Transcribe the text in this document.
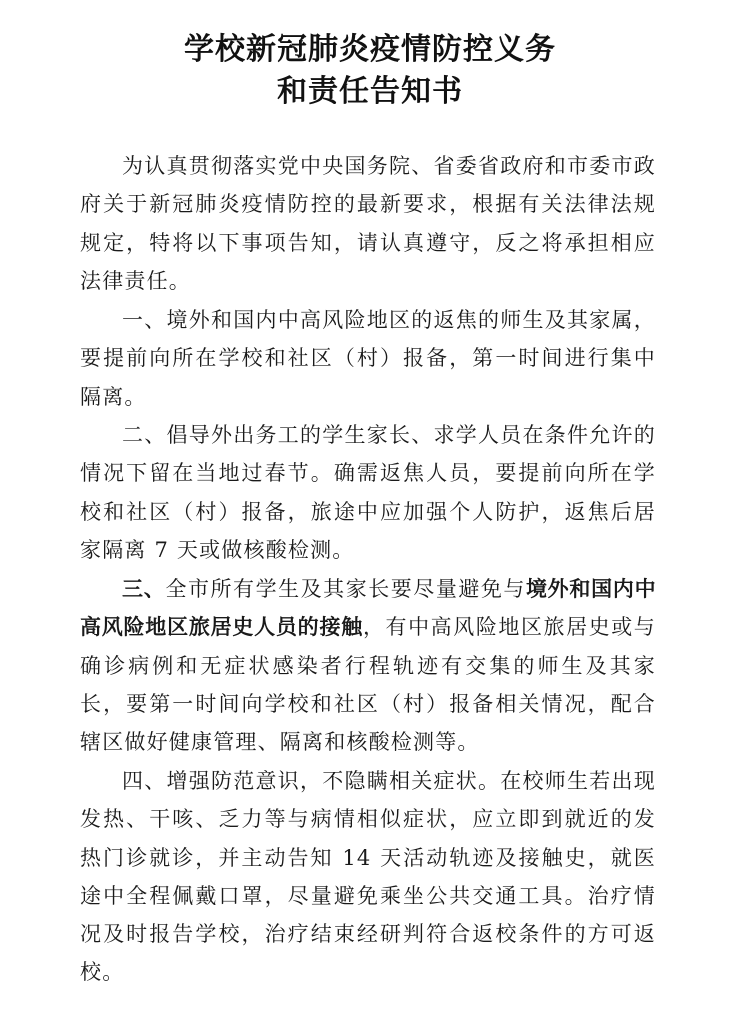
学校新冠肺炎疫情防控义务
和责任告知书

为认真贯彻落实党中央国务院、省委省政府和市委市政府关于新冠肺炎疫情防控的最新要求，根据有关法律法规规定，特将以下事项告知，请认真遵守，反之将承担相应法律责任。

一、境外和国内中高风险地区的返焦的师生及其家属，要提前向所在学校和社区（村）报备，第一时间进行集中隔离。

二、倡导外出务工的学生家长、求学人员在条件允许的情况下留在当地过春节。确需返焦人员，要提前向所在学校和社区（村）报备，旅途中应加强个人防护，返焦后居家隔离 7 天或做核酸检测。

三、全市所有学生及其家长要尽量避免与境外和国内中高风险地区旅居史人员的接触，有中高风险地区旅居史或与确诊病例和无症状感染者行程轨迹有交集的师生及其家长，要第一时间向学校和社区（村）报备相关情况，配合辖区做好健康管理、隔离和核酸检测等。

四、增强防范意识，不隐瞒相关症状。在校师生若出现发热、干咳、乏力等与病情相似症状，应立即到就近的发热门诊就诊，并主动告知 14 天活动轨迹及接触史，就医途中全程佩戴口罩，尽量避免乘坐公共交通工具。治疗情况及时报告学校，治疗结束经研判符合返校条件的方可返校。
